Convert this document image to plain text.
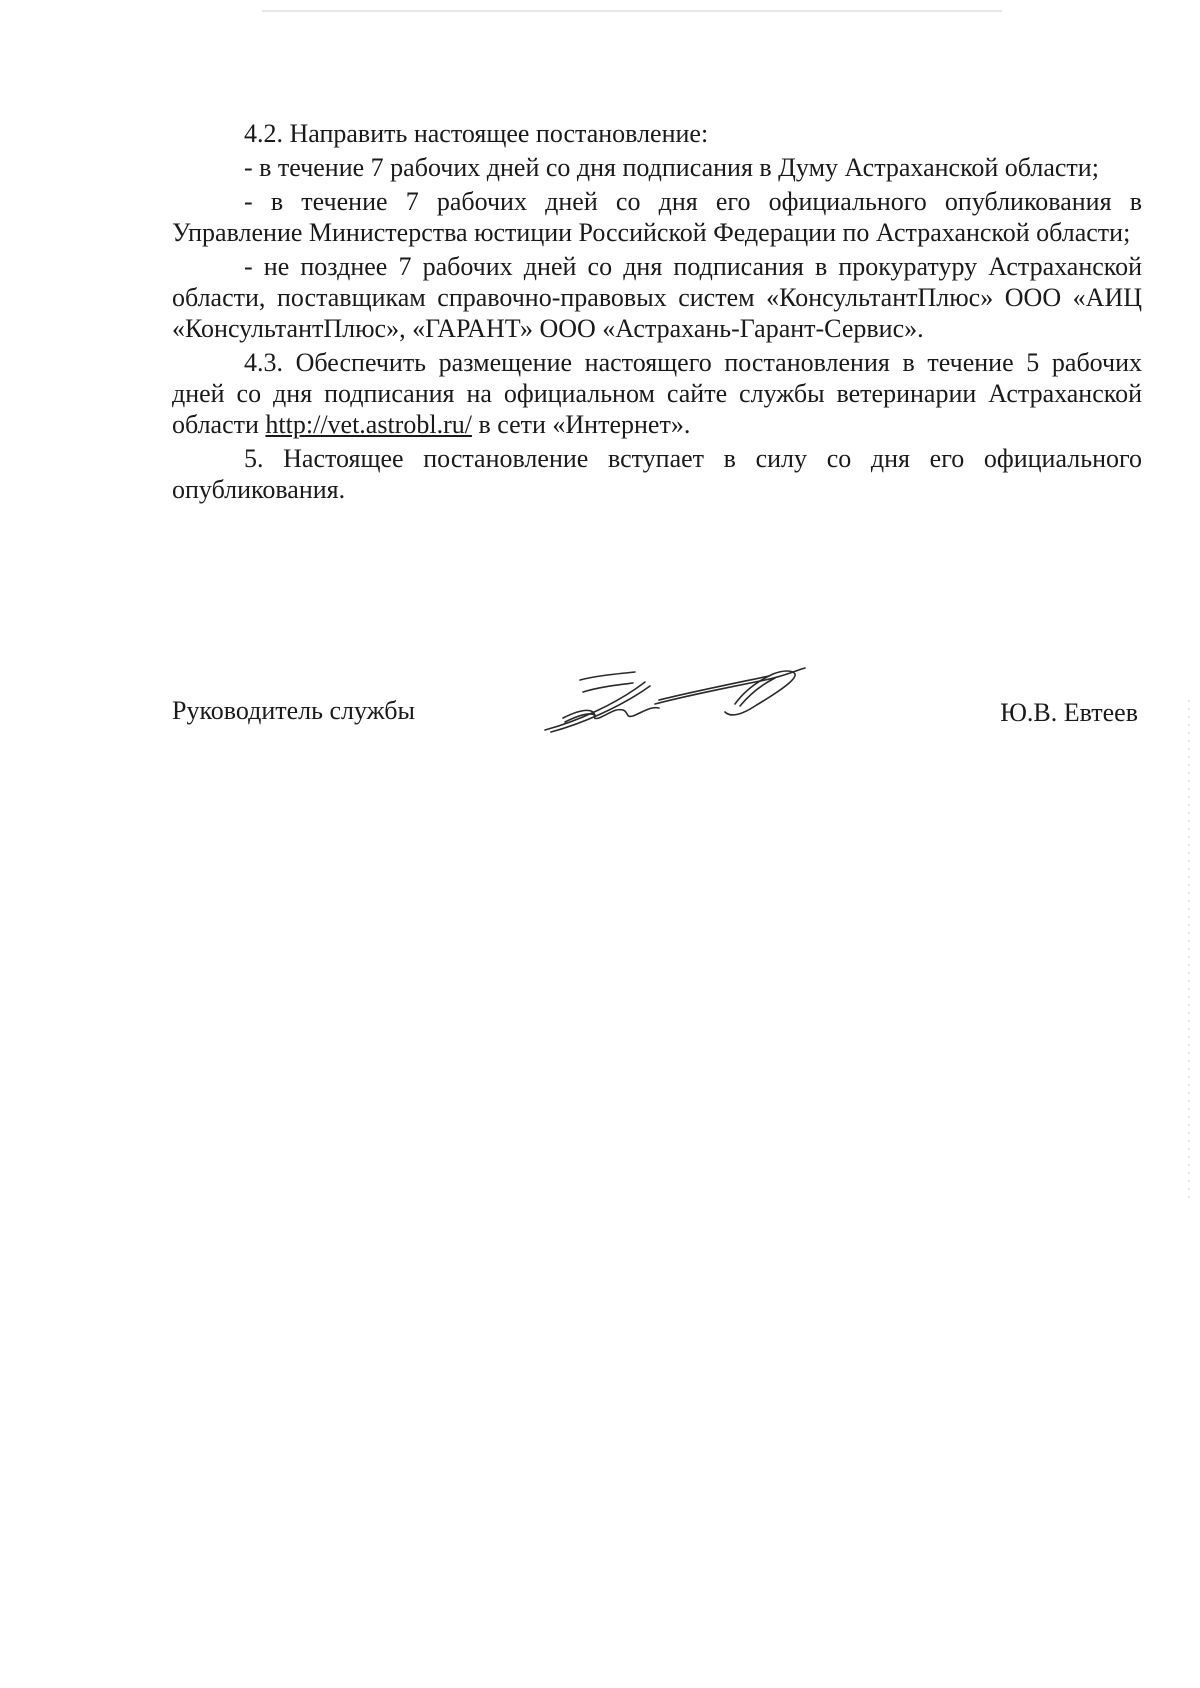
4.2. Направить настоящее постановление:

- в течение 7 рабочих дней со дня подписания в Думу Астраханской области;

- в течение 7 рабочих дней со дня его официального опубликования в Управление Министерства юстиции Российской Федерации по Астраханской области;

- не позднее 7 рабочих дней со дня подписания в прокуратуру Астраханской области, поставщикам справочно-правовых систем «КонсультантПлюс» ООО «АИЦ «КонсультантПлюс», «ГАРАНТ» ООО «Астрахань-Гарант-Сервис».

4.3. Обеспечить размещение настоящего постановления в течение 5 рабочих дней со дня подписания на официальном сайте службы ветеринарии Астраханской области http://vet.astrobl.ru/ в сети «Интернет».

5. Настоящее постановление вступает в силу со дня его официального опубликования.

Руководитель службы	Ю.В. Евтеев
